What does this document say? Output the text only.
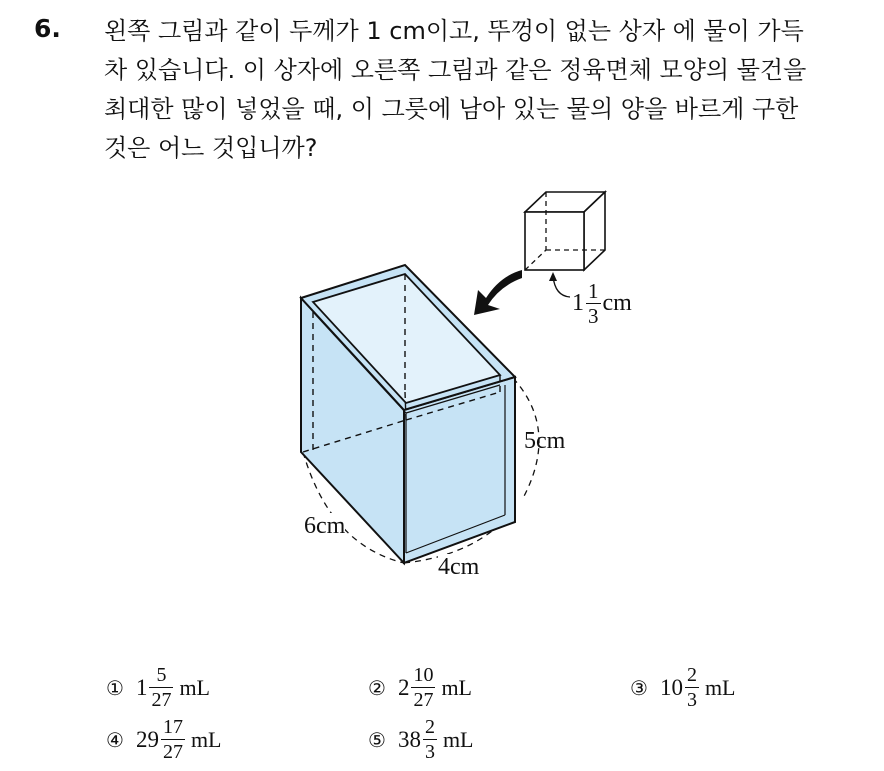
6. 왼쪽 그림과 같이 두께가 1 cm이고, 뚜껑이 없는 상자 에 물이 가득
차 있습니다. 이 상자에 오른쪽 그림과 같은 정육면체 모양의 물건을
최대한 많이 넣었을 때, 이 그릇에 남아 있는 물의 양을 바르게 구한
것은 어느 것입니까?
5cm
6cm
4cm
$1 \frac{1}{3}$ cm
① $1 \frac{5}{27}$ mL	② $2 \frac{10}{27}$ mL	③ $10 \frac{2}{3}$ mL
④ $29 \frac{17}{27}$ mL	⑤ $38 \frac{2}{3}$ mL
